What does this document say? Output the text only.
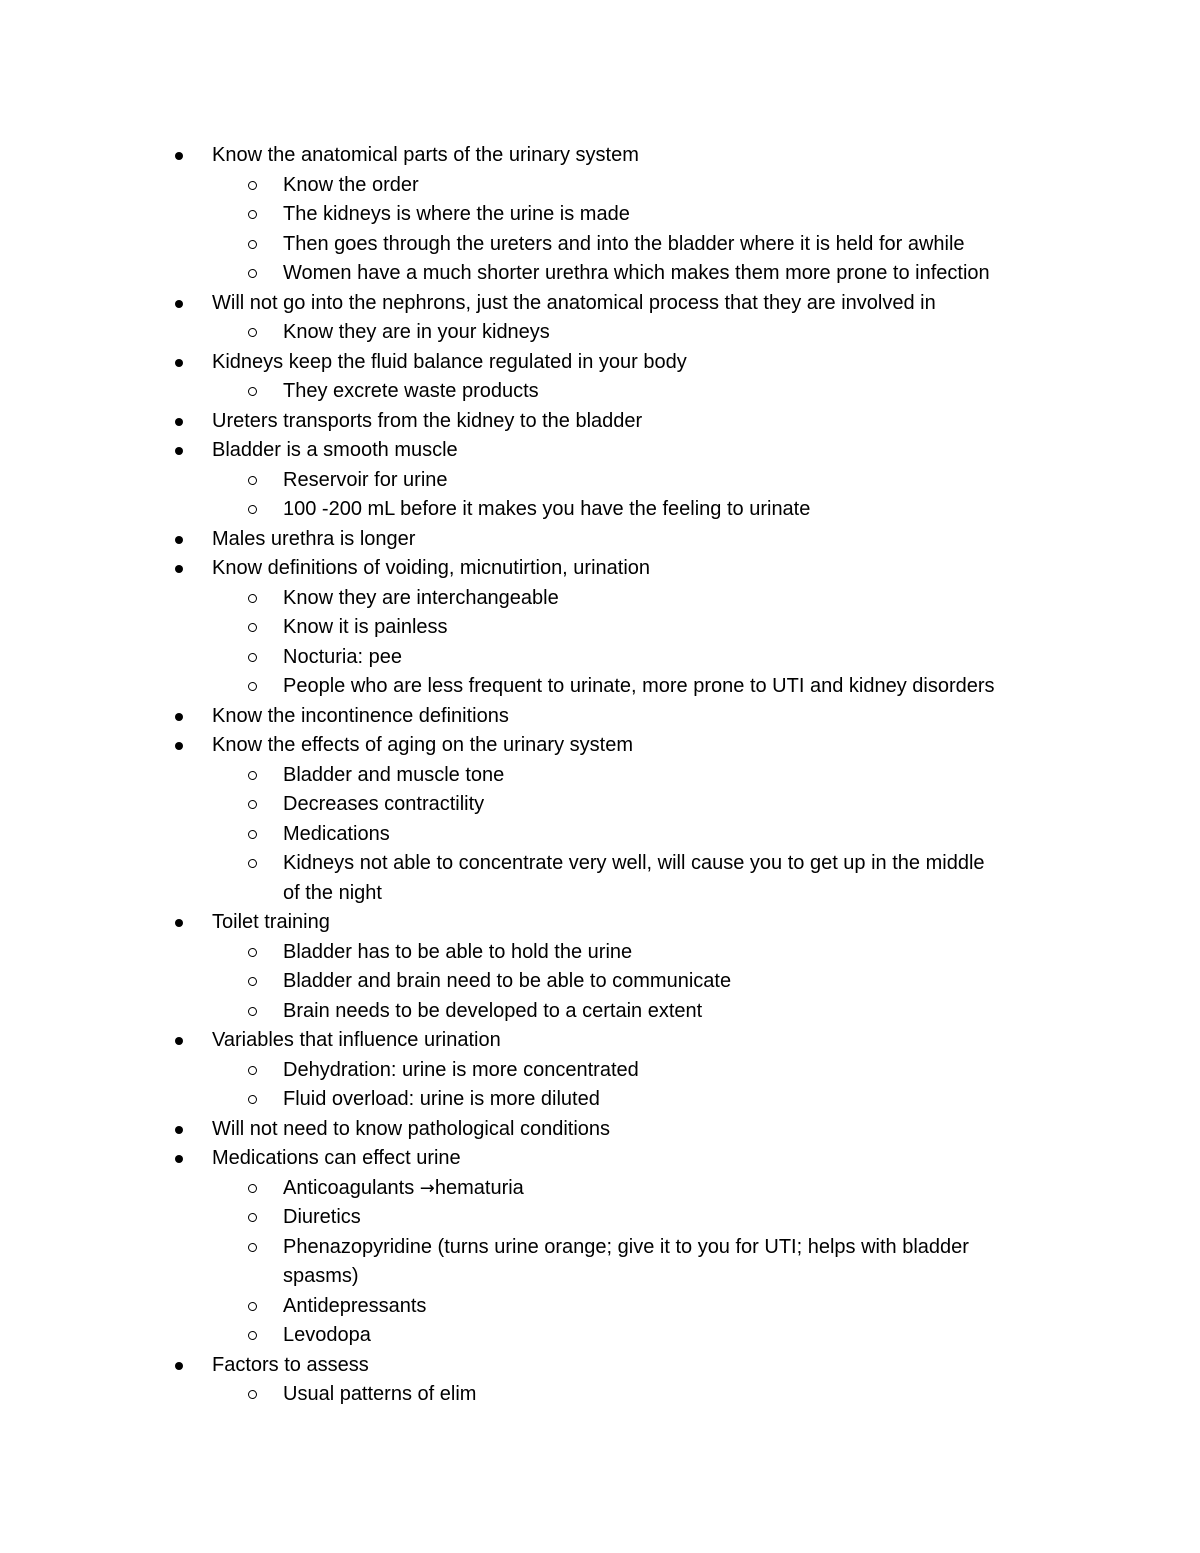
Know the anatomical parts of the urinary system
Know the order
The kidneys is where the urine is made
Then goes through the ureters and into the bladder where it is held for awhile
Women have a much shorter urethra which makes them more prone to infection
Will not go into the nephrons, just the anatomical process that they are involved in
Know they are in your kidneys
Kidneys keep the fluid balance regulated in your body
They excrete waste products
Ureters transports from the kidney to the bladder
Bladder is a smooth muscle
Reservoir for urine
100 -200 mL before it makes you have the feeling to urinate
Males urethra is longer
Know definitions of voiding, micnutirtion, urination
Know they are interchangeable
Know it is painless
Nocturia: pee
People who are less frequent to urinate, more prone to UTI and kidney disorders
Know the incontinence definitions
Know the effects of aging on the urinary system
Bladder and muscle tone
Decreases contractility
Medications
Kidneys not able to concentrate very well, will cause you to get up in the middle
of the night
Toilet training
Bladder has to be able to hold the urine
Bladder and brain need to be able to communicate
Brain needs to be developed to a certain extent
Variables that influence urination
Dehydration: urine is more concentrated
Fluid overload: urine is more diluted
Will not need to know pathological conditions
Medications can effect urine
Anticoagulants →hematuria
Diuretics
Phenazopyridine (turns urine orange; give it to you for UTI; helps with bladder
spasms)
Antidepressants
Levodopa
Factors to assess
Usual patterns of elim
